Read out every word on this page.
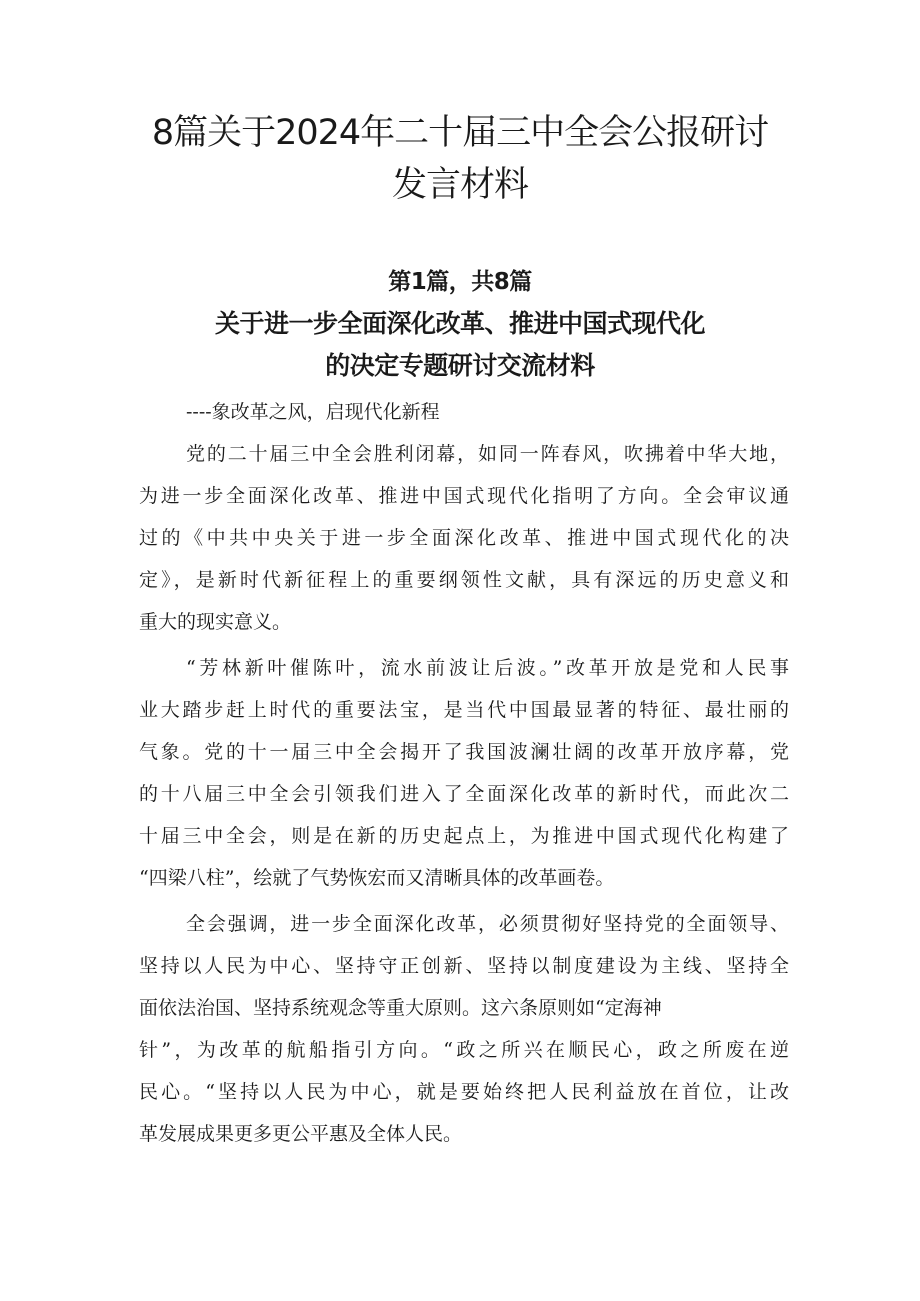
8篇关于2024年二十届三中全会公报研讨
发言材料
第1篇，共8篇
关于进一步全面深化改革、推进中国式现代化
的决定专题研讨交流材料
----象改革之风，启现代化新程
党的二十届三中全会胜利闭幕，如同一阵春风，吹拂着中华大地，
为进一步全面深化改革、推进中国式现代化指明了方向。全会审议通
过的《中共中央关于进一步全面深化改革、推进中国式现代化的决
定》，是新时代新征程上的重要纲领性文献，具有深远的历史意义和
重大的现实意义。
“芳林新叶催陈叶，流水前波让后波。”改革开放是党和人民事
业大踏步赶上时代的重要法宝，是当代中国最显著的特征、最壮丽的
气象。党的十一届三中全会揭开了我国波澜壮阔的改革开放序幕，党
的十八届三中全会引领我们进入了全面深化改革的新时代，而此次二
十届三中全会，则是在新的历史起点上，为推进中国式现代化构建了
“四梁八柱”，绘就了气势恢宏而又清晰具体的改革画卷。
全会强调，进一步全面深化改革，必须贯彻好坚持党的全面领导、
坚持以人民为中心、坚持守正创新、坚持以制度建设为主线、坚持全
面依法治国、坚持系统观念等重大原则。这六条原则如“定海神
针”，为改革的航船指引方向。“政之所兴在顺民心，政之所废在逆
民心。“坚持以人民为中心，就是要始终把人民利益放在首位，让改
革发展成果更多更公平惠及全体人民。
